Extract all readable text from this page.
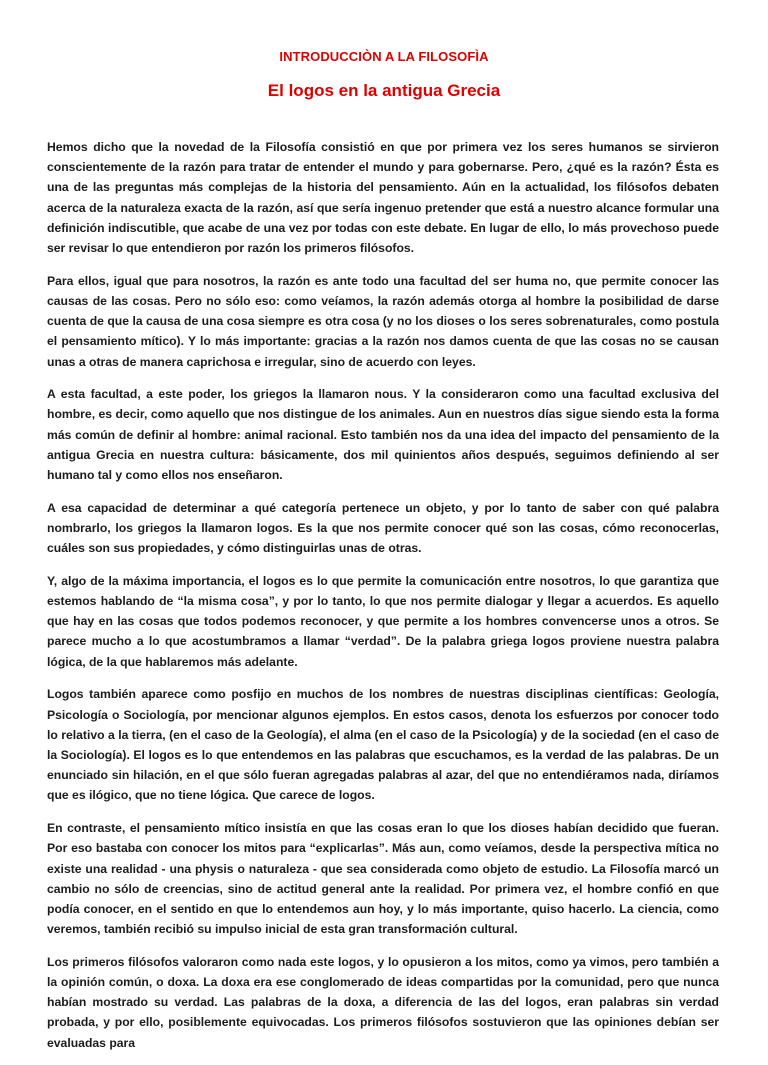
INTRODUCCIÒN A LA FILOSOFÌA
El logos en la antigua Grecia

Hemos dicho que la novedad de la Filosofía consistió en que por primera vez los seres humanos se sirvieron conscientemente de la razón para tratar de entender el mundo y para gobernarse. Pero, ¿qué es la razón? Ésta es una de las preguntas más complejas de la historia del pensamiento. Aún en la actualidad, los filósofos debaten acerca de la naturaleza exacta de la razón, así que sería ingenuo pretender que está a nuestro alcance formular una definición indiscutible, que acabe de una vez por todas con este debate. En lugar de ello, lo más provechoso puede ser revisar lo que entendieron por razón los primeros filósofos.

Para ellos, igual que para nosotros, la razón es ante todo una facultad del ser huma no, que permite conocer las causas de las cosas. Pero no sólo eso: como veíamos, la razón además otorga al hombre la posibilidad de darse cuenta de que la causa de una cosa siempre es otra cosa (y no los dioses o los seres sobrenaturales, como postula el pensamiento mítico). Y lo más importante: gracias a la razón nos damos cuenta de que las cosas no se causan unas a otras de manera caprichosa e irregular, sino de acuerdo con leyes.

A esta facultad, a este poder, los griegos la llamaron nous. Y la consideraron como una facultad exclusiva del hombre, es decir, como aquello que nos distingue de los animales. Aun en nuestros días sigue siendo esta la forma más común de definir al hombre: animal racional. Esto también nos da una idea del impacto del pensamiento de la antigua Grecia en nuestra cultura: básicamente, dos mil quinientos años después, seguimos definiendo al ser humano tal y como ellos nos enseñaron.

A esa capacidad de determinar a qué categoría pertenece un objeto, y por lo tanto de saber con qué palabra nombrarlo, los griegos la llamaron logos. Es la que nos permite conocer qué son las cosas, cómo reconocerlas, cuáles son sus propiedades, y cómo distinguirlas unas de otras.

Y, algo de la máxima importancia, el logos es lo que permite la comunicación entre nosotros, lo que garantiza que estemos hablando de “la misma cosa”, y por lo tanto, lo que nos permite dialogar y llegar a acuerdos. Es aquello que hay en las cosas que todos podemos reconocer, y que permite a los hombres convencerse unos a otros. Se parece mucho a lo que acostumbramos a llamar “verdad”. De la palabra griega logos proviene nuestra palabra lógica, de la que hablaremos más adelante.

Logos también aparece como posfijo en muchos de los nombres de nuestras disciplinas científicas: Geología, Psicología o Sociología, por mencionar algunos ejemplos. En estos casos, denota los esfuerzos por conocer todo lo relativo a la tierra, (en el caso de la Geología), el alma (en el caso de la Psicología) y de la sociedad (en el caso de la Sociología). El logos es lo que entendemos en las palabras que escuchamos, es la verdad de las palabras. De un enunciado sin hilación, en el que sólo fueran agregadas palabras al azar, del que no entendiéramos nada, diríamos que es ilógico, que no tiene lógica. Que carece de logos.

En contraste, el pensamiento mítico insistía en que las cosas eran lo que los dioses habían decidido que fueran. Por eso bastaba con conocer los mitos para “explicarlas”. Más aun, como veíamos, desde la perspectiva mítica no existe una realidad - una physis o naturaleza - que sea considerada como objeto de estudio. La Filosofía marcó un cambio no sólo de creencias, sino de actitud general ante la realidad. Por primera vez, el hombre confió en que podía conocer, en el sentido en que lo entendemos aun hoy, y lo más importante, quiso hacerlo. La ciencia, como veremos, también recibió su impulso inicial de esta gran transformación cultural.

Los primeros filósofos valoraron como nada este logos, y lo opusieron a los mitos, como ya vimos, pero también a la opinión común, o doxa. La doxa era ese conglomerado de ideas compartidas por la comunidad, pero que nunca habían mostrado su verdad. Las palabras de la doxa, a diferencia de las del logos, eran palabras sin verdad probada, y por ello, posiblemente equivocadas. Los primeros filósofos sostuvieron que las opiniones debían ser evaluadas para
